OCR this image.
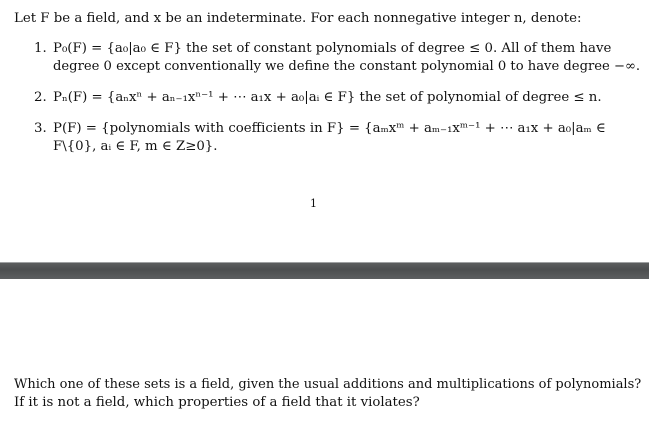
Let F be a field, and x be an indeterminate. For each nonnegative integer n, denote:
1. P₀(F) = {a₀|a₀ ∈ F} the set of constant polynomials of degree ≤ 0. All of them have
degree 0 except conventionally we define the constant polynomial 0 to have degree −∞.
2. Pₙ(F) = {aₙxⁿ + aₙ₋₁xⁿ⁻¹ + ⋯ a₁x + a₀|aᵢ ∈ F} the set of polynomial of degree ≤ n.
3. P(F) = {polynomials with coefficients in F} = {aₘxᵐ + aₘ₋₁xᵐ⁻¹ + ⋯ a₁x + a₀|aₘ ∈
F\{0}, aᵢ ∈ F, m ∈ Z≥0}.
1
Which one of these sets is a field, given the usual additions and multiplications of polynomials?
If it is not a field, which properties of a field that it violates?
